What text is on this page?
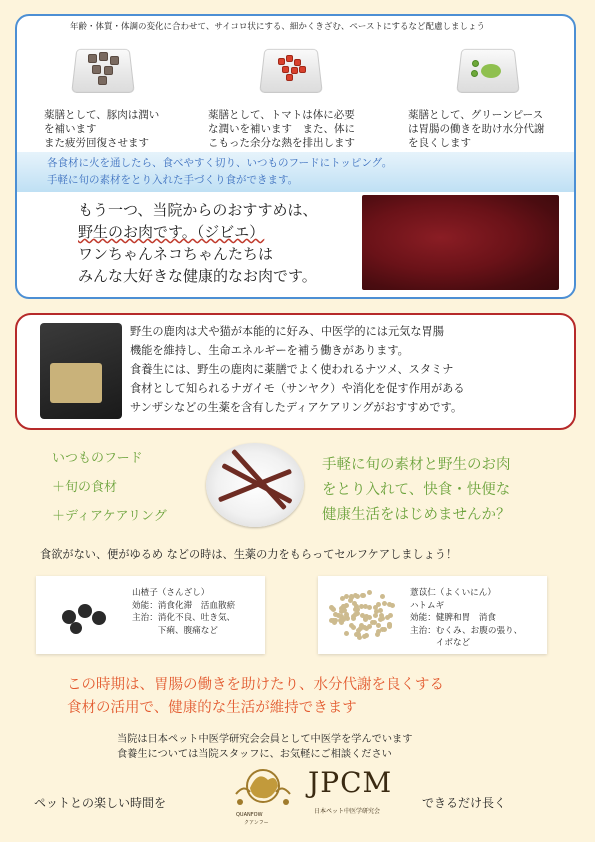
年齢・体質・体調の変化に合わせて、サイコロ状にする、細かくきざむ、ペーストにするなど配慮しましょう
薬膳として、豚肉は潤い
を補います
また疲労回復させます
薬膳として、トマトは体に必要
な潤いを補います　また、体に
こもった余分な熱を排出します
薬膳として、グリーンピース
は胃腸の働きを助け水分代謝
を良くします
各食材に火を通したら、食べやすく切り、いつものフードにトッピング。
手軽に旬の素材をとり入れた手づくり食ができます。
もう一つ、当院からのおすすめは、
野生のお肉です。（ジビエ）
ワンちゃんネコちゃんたちは
みんな大好きな健康的なお肉です。
野生の鹿肉は犬や猫が本能的に好み、中医学的には元気な胃腸
機能を維持し、生命エネルギーを補う働きがあります。
食養生には、野生の鹿肉に薬膳でよく使われるナツメ、スタミナ
食材として知られるナガイモ（サンヤク）や消化を促す作用がある
サンザシなどの生薬を含有したディアケアリングがおすすめです。
いつものフード
＋旬の食材
＋ディアケアリング
手軽に旬の素材と野生のお肉
をとり入れて、快食・快便な
健康生活をはじめませんか？
食欲がない、便がゆるめ などの時は、生薬の力をもらってセルフケアしましょう！
山楂子（さんざし）
効能：消食化滞　活血散瘀
主治：消化不良、吐き気、
　　　下痢、腹痛など
薏苡仁（よくいにん）
ハトムギ
効能：健脾和胃　消食
主治：むくみ、お腹の張り、
　　　イボなど
この時期は、胃腸の働きを助けたり、水分代謝を良くする
食材の活用で、健康的な生活が維持できます
当院は日本ペット中医学研究会会員として中医学を学んでいます
食養生については当院スタッフに、お気軽にご相談ください
ペットとの楽しい時間を
QUANFOW
クアンフー
JPCM
日本ペット中医学研究会
できるだけ長く
